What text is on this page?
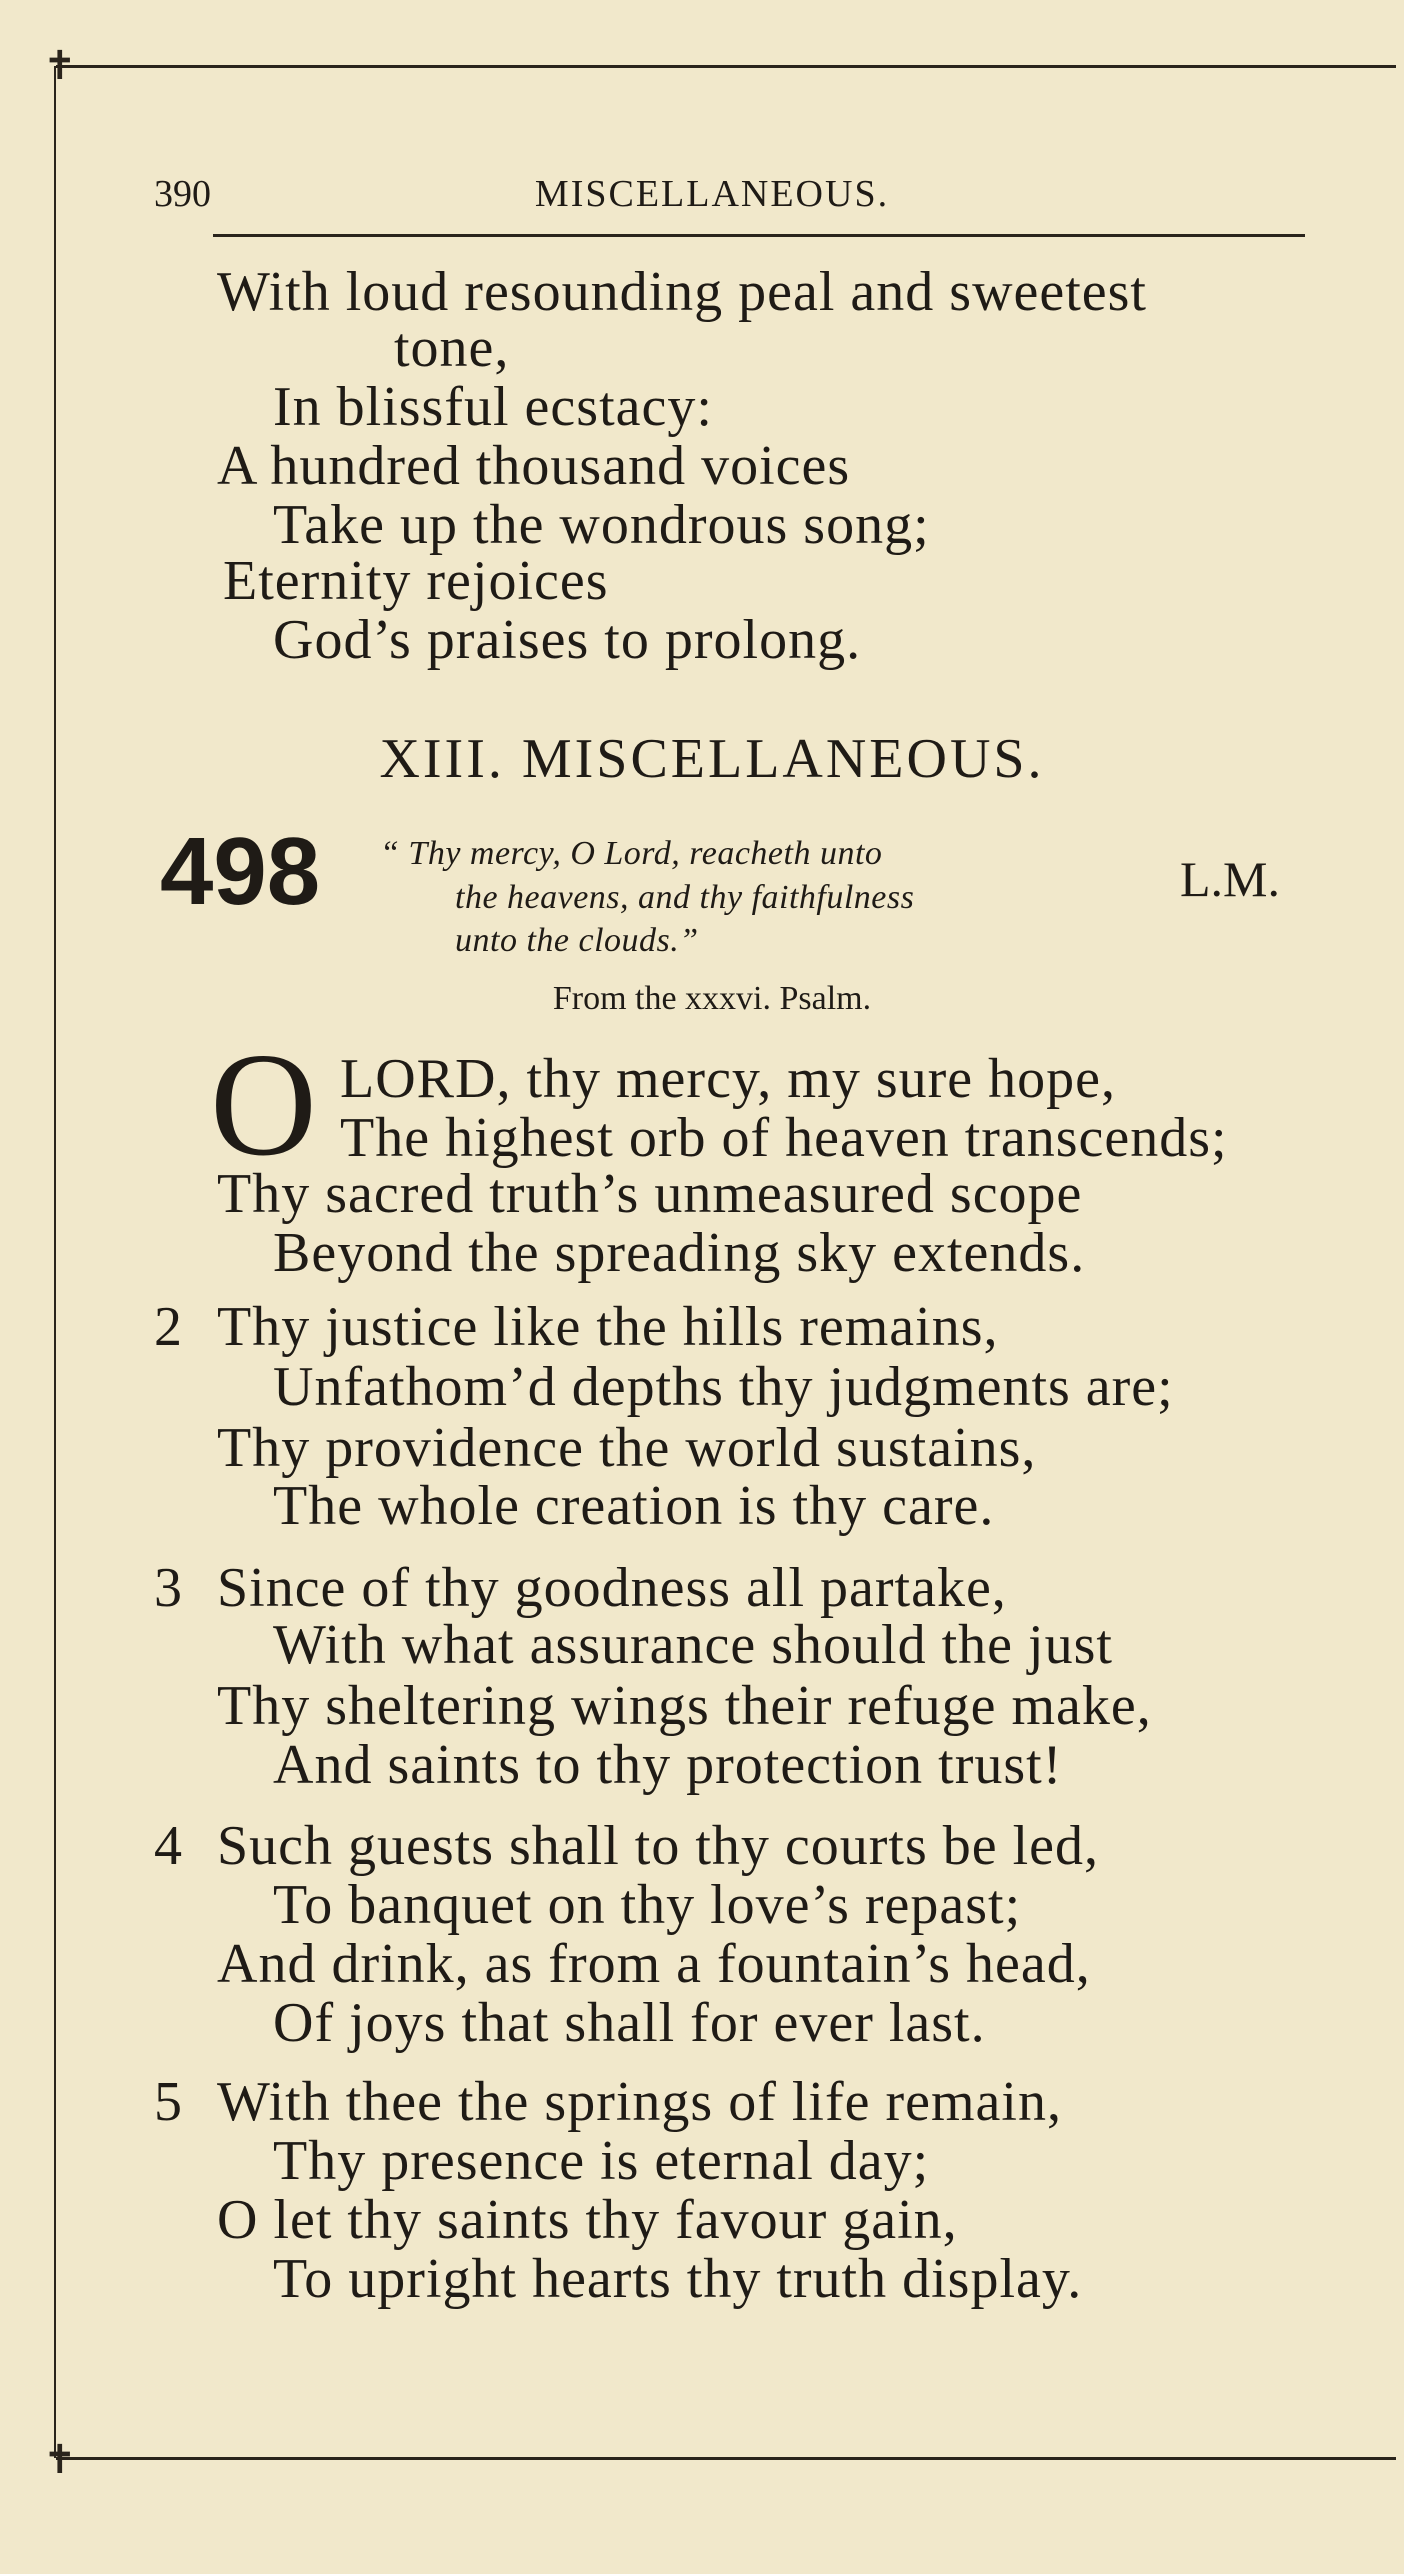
✝
✝
390	MISCELLANEOUS.
With loud resounding peal and sweetest
tone,
In blissful ecstacy:
A hundred thousand voices
Take up the wondrous song;
Eternity rejoices
God’s praises to prolong.
XIII. MISCELLANEOUS.
498 “ Thy mercy, O Lord, reacheth unto
the heavens, and thy faithfulness
unto the clouds.”
L.M.
From the xxxvi. Psalm.
O LORD, thy mercy, my sure hope,
The highest orb of heaven transcends;
Thy sacred truth’s unmeasured scope
Beyond the spreading sky extends.
2 Thy justice like the hills remains,
Unfathom’d depths thy judgments are;
Thy providence the world sustains,
The whole creation is thy care.
3 Since of thy goodness all partake,
With what assurance should the just
Thy sheltering wings their refuge make,
And saints to thy protection trust!
4 Such guests shall to thy courts be led,
To banquet on thy love’s repast;
And drink, as from a fountain’s head,
Of joys that shall for ever last.
5 With thee the springs of life remain,
Thy presence is eternal day;
O let thy saints thy favour gain,
To upright hearts thy truth display.
